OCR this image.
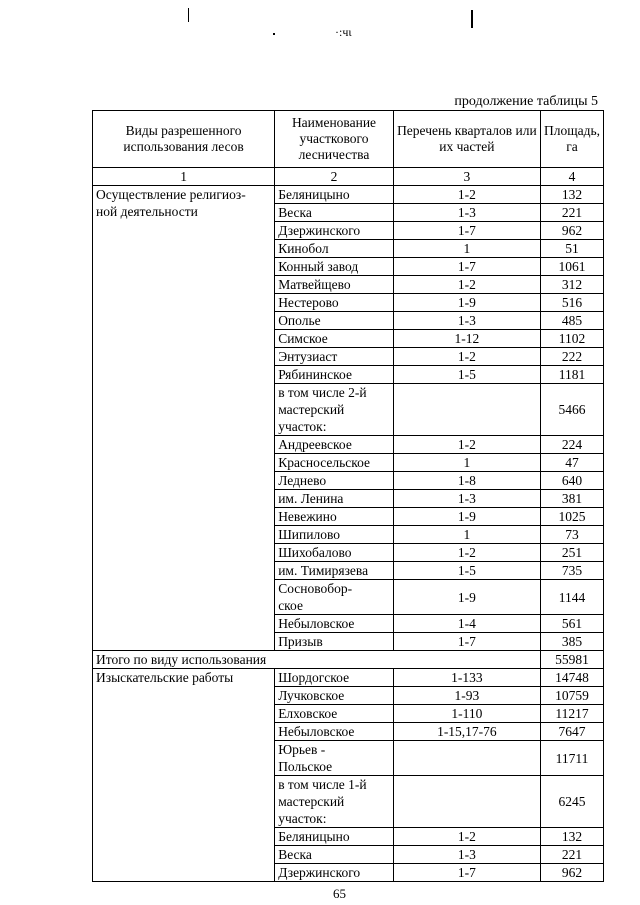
·:чι
продолжение таблицы 5
Виды разрешенного использования лесов	Наименование участкового лесничества	Перечень кварталов или их частей	Площадь, га
1	2	3	4
Осуществление религиоз-
ной деятельности	Беляницыно	1-2	132
	Веска	1-3	221
	Дзержинского	1-7	962
	Кинобол	1	51
	Конный завод	1-7	1061
	Матвейщево	1-2	312
	Нестерово	1-9	516
	Ополье	1-3	485
	Симское	1-12	1102
	Энтузиаст	1-2	222
	Рябининское	1-5	1181
	в том числе 2-й
мастерский
участок:		5466
	Андреевское	1-2	224
	Красносельское	1	47
	Леднево	1-8	640
	им. Ленина	1-3	381
	Невежино	1-9	1025
	Шипилово	1	73
	Шихобалово	1-2	251
	им. Тимирязева	1-5	735
	Сосновобор-
ское	1-9	1144
	Небыловское	1-4	561
	Призыв	1-7	385
Итого по виду использования			55981
Изыскательские работы	Шордогское	1-133	14748
	Лучковское	1-93	10759
	Елховское	1-110	11217
	Небыловское	1-15,17-76	7647
	Юрьев -
Польское		11711
	в том числе 1-й
мастерский
участок:		6245
	Беляницыно	1-2	132
	Веска	1-3	221
	Дзержинского	1-7	962
65
